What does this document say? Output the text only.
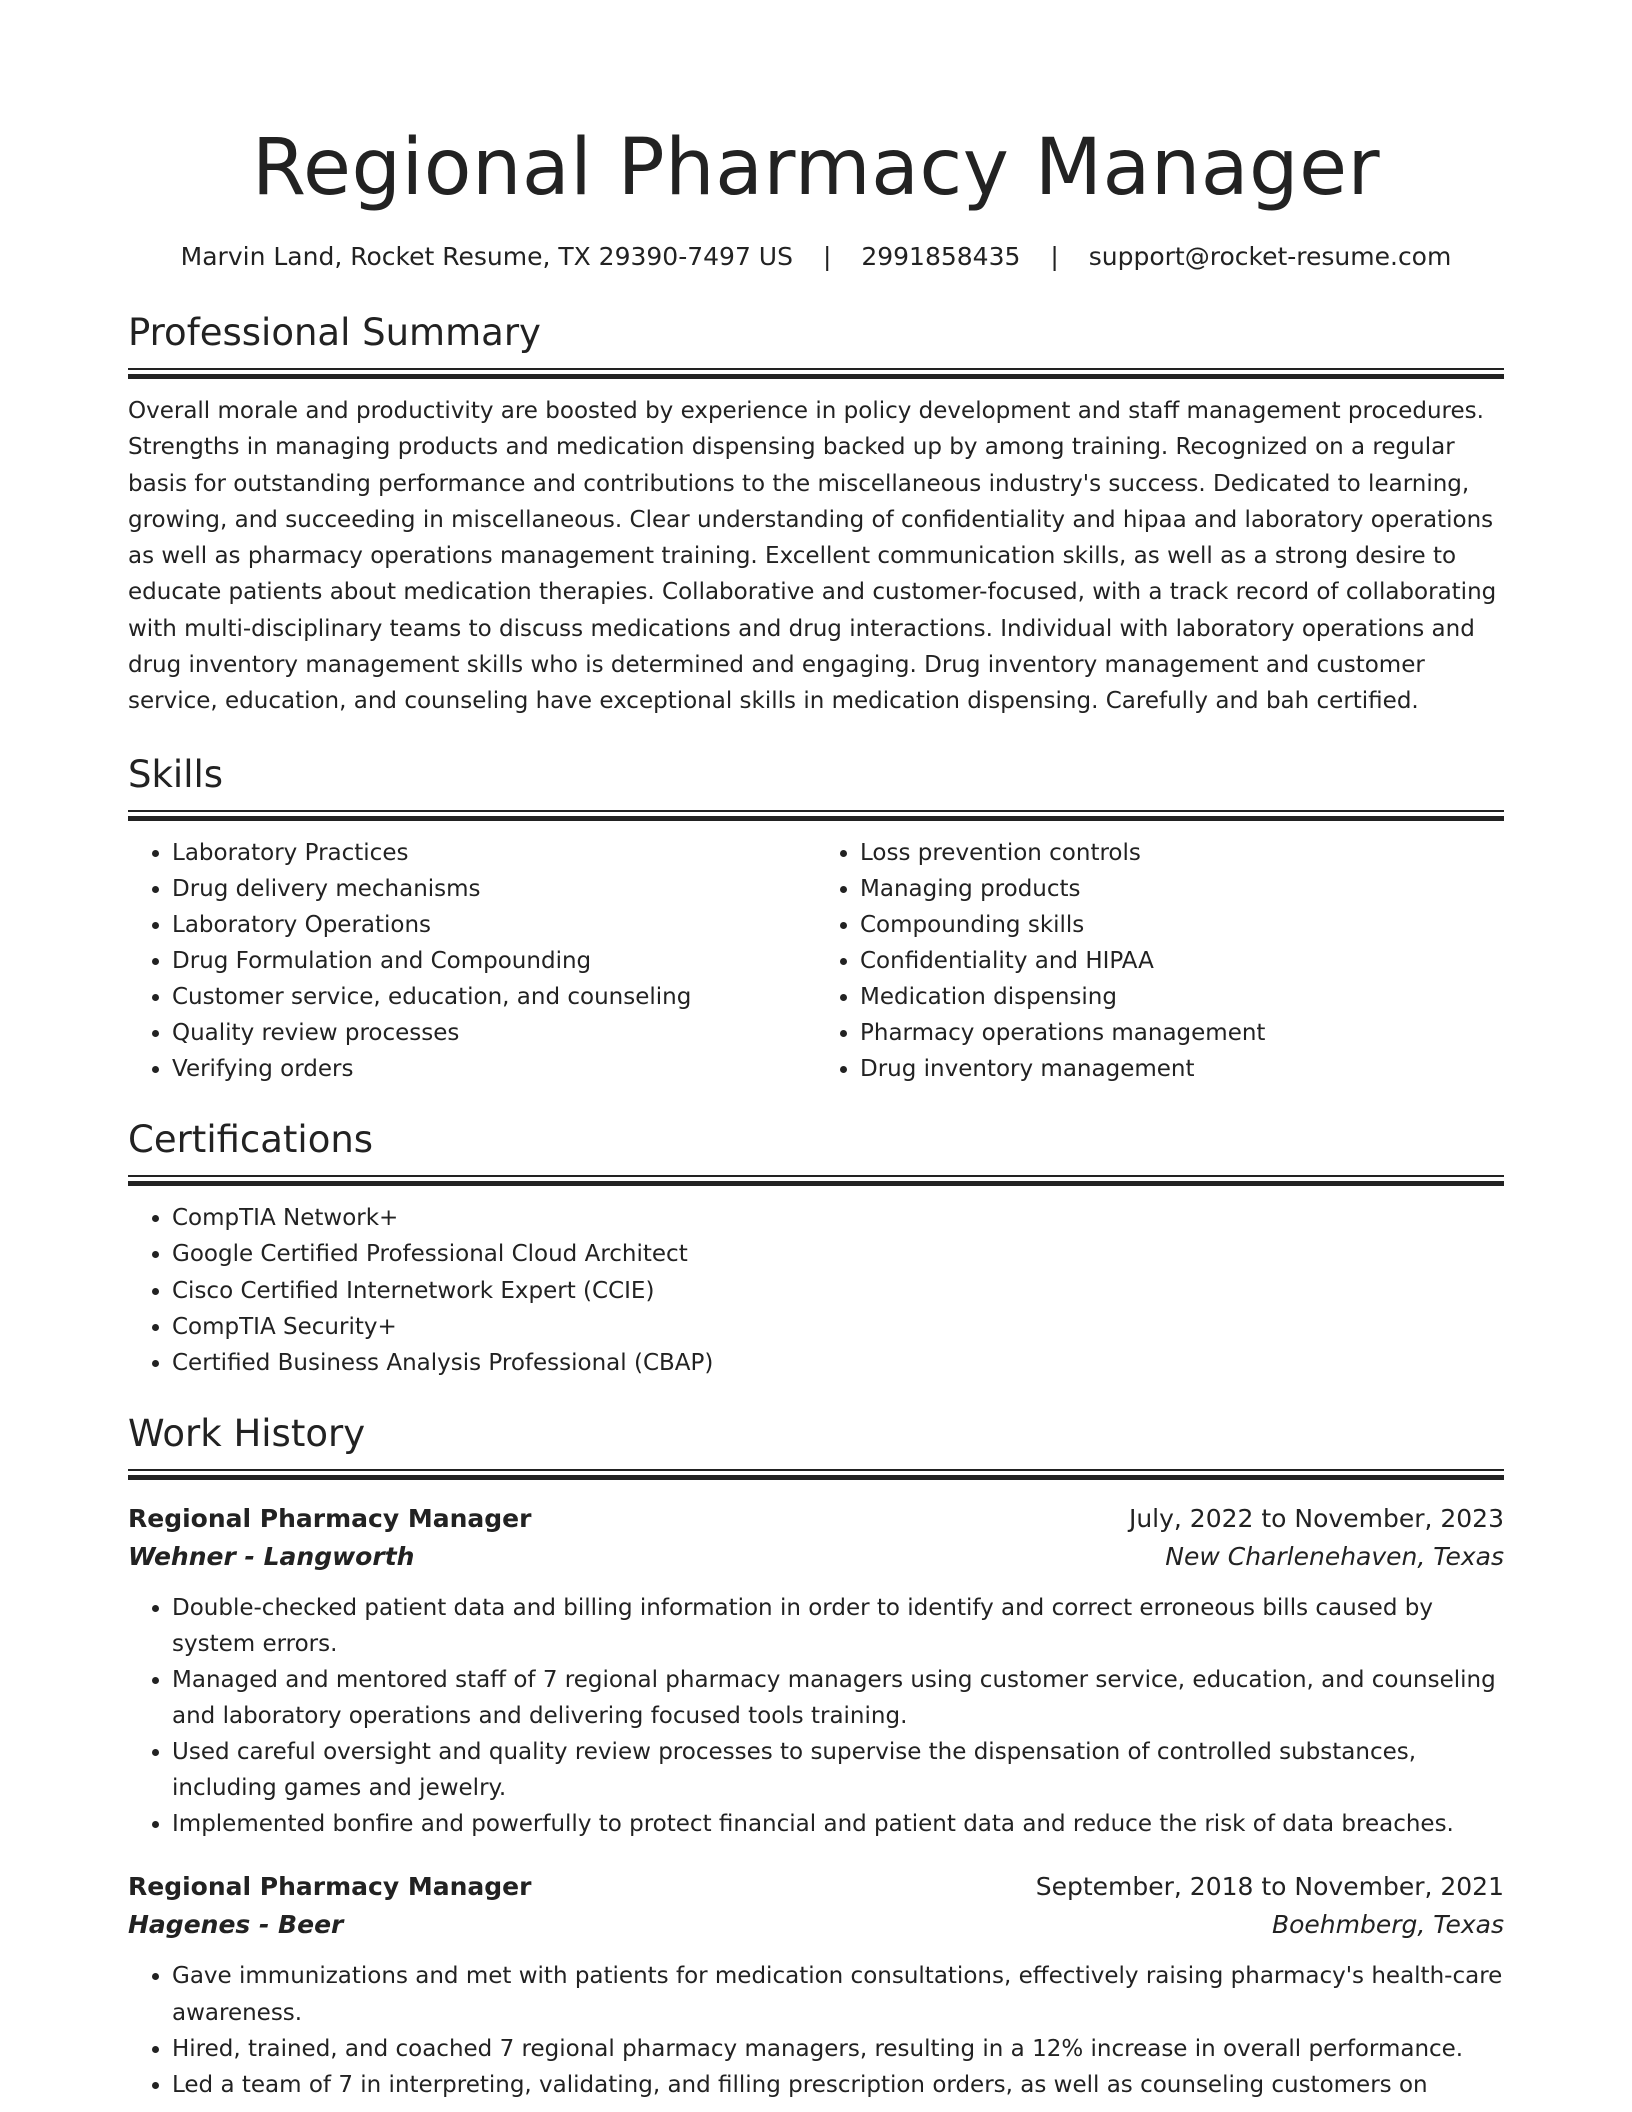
Regional Pharmacy Manager
Marvin Land, Rocket Resume, TX 29390-7497 US | 2991858435 | support@rocket-resume.com
Professional Summary
Overall morale and productivity are boosted by experience in policy development and staff management procedures. Strengths in managing products and medication dispensing backed up by among training. Recognized on a regular basis for outstanding performance and contributions to the miscellaneous industry's success. Dedicated to learning, growing, and succeeding in miscellaneous. Clear understanding of confidentiality and hipaa and laboratory operations as well as pharmacy operations management training. Excellent communication skills, as well as a strong desire to educate patients about medication therapies. Collaborative and customer-focused, with a track record of collaborating with multi-disciplinary teams to discuss medications and drug interactions. Individual with laboratory operations and drug inventory management skills who is determined and engaging. Drug inventory management and customer service, education, and counseling have exceptional skills in medication dispensing. Carefully and bah certified.
Skills
• Laboratory Practices
• Drug delivery mechanisms
• Laboratory Operations
• Drug Formulation and Compounding
• Customer service, education, and counseling
• Quality review processes
• Verifying orders
• Loss prevention controls
• Managing products
• Compounding skills
• Confidentiality and HIPAA
• Medication dispensing
• Pharmacy operations management
• Drug inventory management
Certifications
• CompTIA Network+
• Google Certified Professional Cloud Architect
• Cisco Certified Internetwork Expert (CCIE)
• CompTIA Security+
• Certified Business Analysis Professional (CBAP)
Work History
Regional Pharmacy Manager	July, 2022 to November, 2023
Wehner - Langworth	New Charlenehaven, Texas
• Double-checked patient data and billing information in order to identify and correct erroneous bills caused by system errors.
• Managed and mentored staff of 7 regional pharmacy managers using customer service, education, and counseling and laboratory operations and delivering focused tools training.
• Used careful oversight and quality review processes to supervise the dispensation of controlled substances, including games and jewelry.
• Implemented bonfire and powerfully to protect financial and patient data and reduce the risk of data breaches.
Regional Pharmacy Manager	September, 2018 to November, 2021
Hagenes - Beer	Boehmberg, Texas
• Gave immunizations and met with patients for medication consultations, effectively raising pharmacy's health-care awareness.
• Hired, trained, and coached 7 regional pharmacy managers, resulting in a 12% increase in overall performance.
• Led a team of 7 in interpreting, validating, and filling prescription orders, as well as counseling customers on
